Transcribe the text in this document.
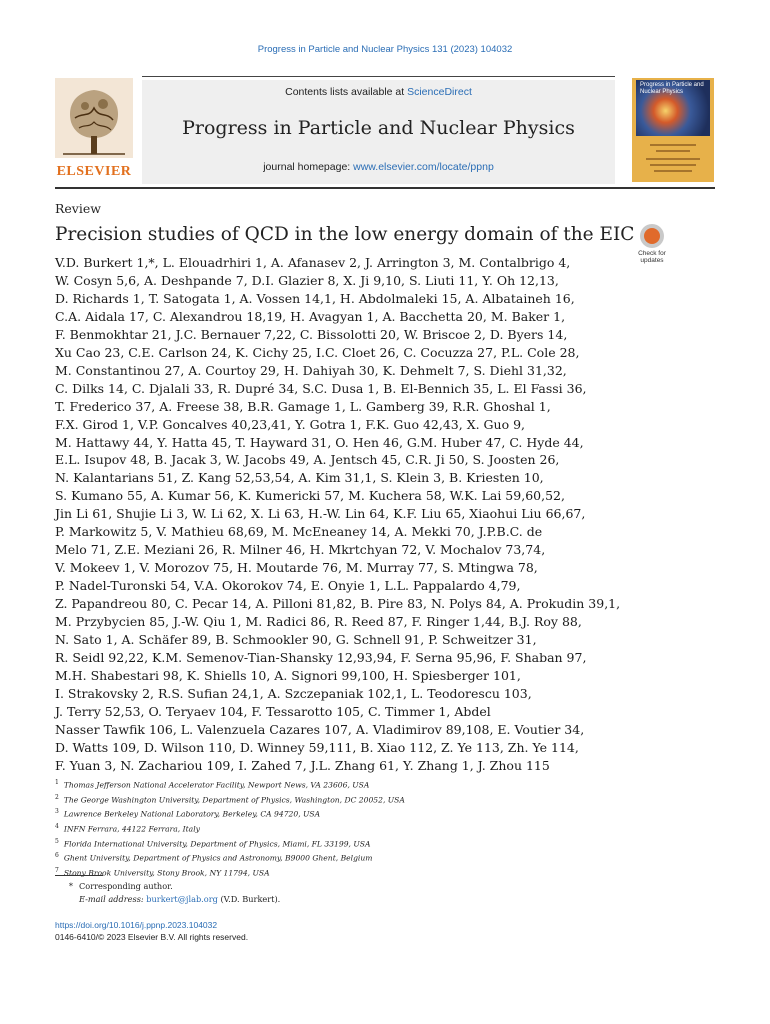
Progress in Particle and Nuclear Physics 131 (2023) 104032
ELSEVIER
Contents lists available at ScienceDirect
Progress in Particle and Nuclear Physics
journal homepage: www.elsevier.com/locate/ppnp
Progress in Particle and Nuclear Physics
Review
Precision studies of QCD in the low energy domain of the EIC
Check for updates
V.D. Burkert 1,*, L. Elouadrhiri 1, A. Afanasev 2, J. Arrington 3, M. Contalbrigo 4,
W. Cosyn 5,6, A. Deshpande 7, D.I. Glazier 8, X. Ji 9,10, S. Liuti 11, Y. Oh 12,13,
D. Richards 1, T. Satogata 1, A. Vossen 14,1, H. Abdolmaleki 15, A. Albataineh 16,
C.A. Aidala 17, C. Alexandrou 18,19, H. Avagyan 1, A. Bacchetta 20, M. Baker 1,
F. Benmokhtar 21, J.C. Bernauer 7,22, C. Bissolotti 20, W. Briscoe 2, D. Byers 14,
Xu Cao 23, C.E. Carlson 24, K. Cichy 25, I.C. Cloet 26, C. Cocuzza 27, P.L. Cole 28,
M. Constantinou 27, A. Courtoy 29, H. Dahiyah 30, K. Dehmelt 7, S. Diehl 31,32,
C. Dilks 14, C. Djalali 33, R. Dupré 34, S.C. Dusa 1, B. El-Bennich 35, L. El Fassi 36,
T. Frederico 37, A. Freese 38, B.R. Gamage 1, L. Gamberg 39, R.R. Ghoshal 1,
F.X. Girod 1, V.P. Goncalves 40,23,41, Y. Gotra 1, F.K. Guo 42,43, X. Guo 9,
M. Hattawy 44, Y. Hatta 45, T. Hayward 31, O. Hen 46, G.M. Huber 47, C. Hyde 44,
E.L. Isupov 48, B. Jacak 3, W. Jacobs 49, A. Jentsch 45, C.R. Ji 50, S. Joosten 26,
N. Kalantarians 51, Z. Kang 52,53,54, A. Kim 31,1, S. Klein 3, B. Kriesten 10,
S. Kumano 55, A. Kumar 56, K. Kumericki 57, M. Kuchera 58, W.K. Lai 59,60,52,
Jin Li 61, Shujie Li 3, W. Li 62, X. Li 63, H.-W. Lin 64, K.F. Liu 65, Xiaohui Liu 66,67,
P. Markowitz 5, V. Mathieu 68,69, M. McEneaney 14, A. Mekki 70, J.P.B.C. de
Melo 71, Z.E. Meziani 26, R. Milner 46, H. Mkrtchyan 72, V. Mochalov 73,74,
V. Mokeev 1, V. Morozov 75, H. Moutarde 76, M. Murray 77, S. Mtingwa 78,
P. Nadel-Turonski 54, V.A. Okorokov 74, E. Onyie 1, L.L. Pappalardo 4,79,
Z. Papandreou 80, C. Pecar 14, A. Pilloni 81,82, B. Pire 83, N. Polys 84, A. Prokudin 39,1,
M. Przybycien 85, J.-W. Qiu 1, M. Radici 86, R. Reed 87, F. Ringer 1,44, B.J. Roy 88,
N. Sato 1, A. Schäfer 89, B. Schmookler 90, G. Schnell 91, P. Schweitzer 31,
R. Seidl 92,22, K.M. Semenov-Tian-Shansky 12,93,94, F. Serna 95,96, F. Shaban 97,
M.H. Shabestari 98, K. Shiells 10, A. Signori 99,100, H. Spiesberger 101,
I. Strakovsky 2, R.S. Sufian 24,1, A. Szczepaniak 102,1, L. Teodorescu 103,
J. Terry 52,53, O. Teryaev 104, F. Tessarotto 105, C. Timmer 1, Abdel
Nasser Tawfik 106, L. Valenzuela Cazares 107, A. Vladimirov 89,108, E. Voutier 34,
D. Watts 109, D. Wilson 110, D. Winney 59,111, B. Xiao 112, Z. Ye 113, Zh. Ye 114,
F. Yuan 3, N. Zachariou 109, I. Zahed 7, J.L. Zhang 61, Y. Zhang 1, J. Zhou 115
$^1$ Thomas Jefferson National Accelerator Facility, Newport News, VA 23606, USA
$^2$ The George Washington University, Department of Physics, Washington, DC 20052, USA
$^3$ Lawrence Berkeley National Laboratory, Berkeley, CA 94720, USA
$^4$ INFN Ferrara, 44122 Ferrara, Italy
$^5$ Florida International University, Department of Physics, Miami, FL 33199, USA
$^6$ Ghent University, Department of Physics and Astronomy, B9000 Ghent, Belgium
$^7$ Stony Brook University, Stony Brook, NY 11794, USA
* Corresponding author.
E-mail address: burkert@jlab.org (V.D. Burkert).
https://doi.org/10.1016/j.ppnp.2023.104032
0146-6410/© 2023 Elsevier B.V. All rights reserved.
